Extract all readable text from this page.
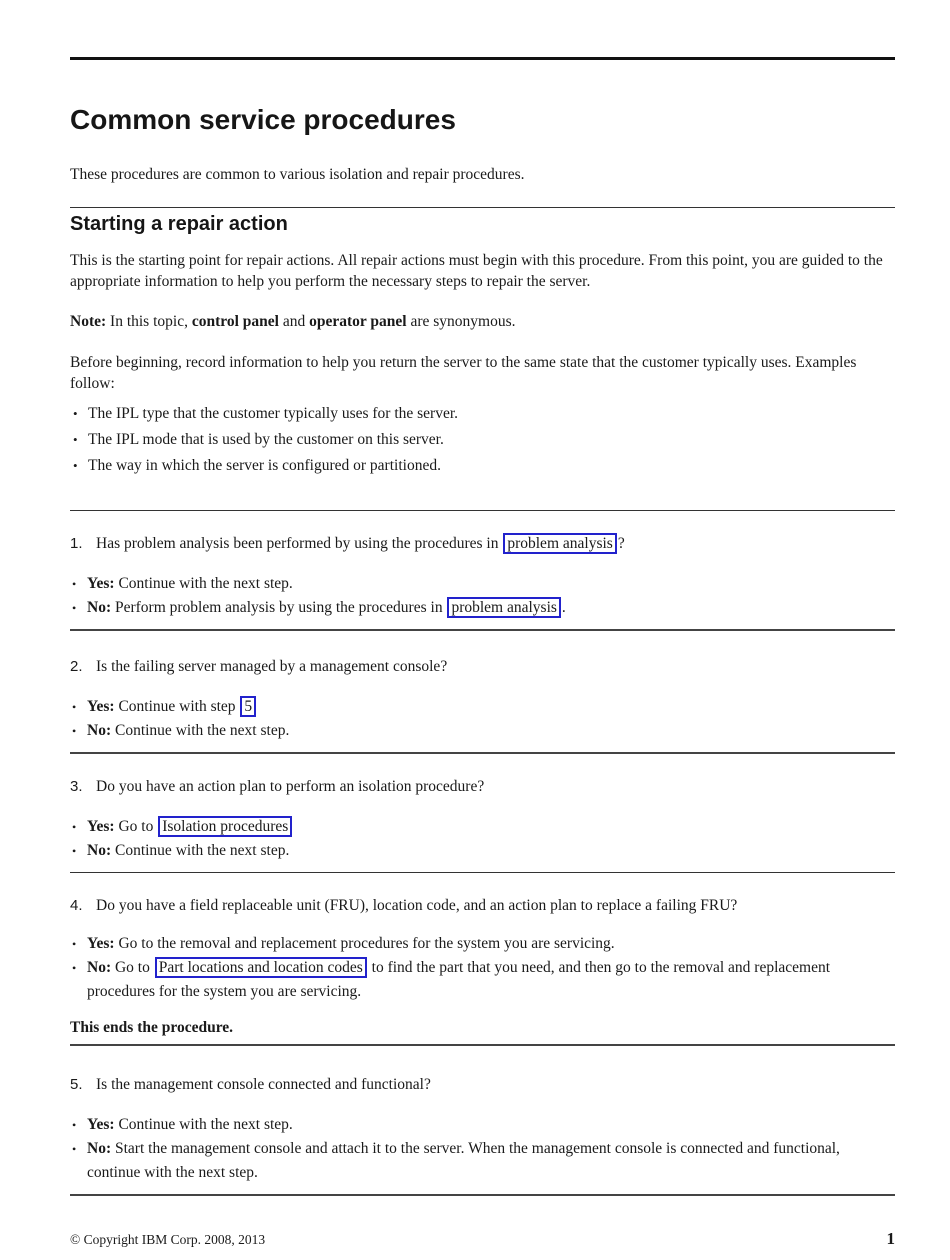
Common service procedures

These procedures are common to various isolation and repair procedures.

Starting a repair action

This is the starting point for repair actions. All repair actions must begin with this procedure. From this point, you are guided to the appropriate information to help you perform the necessary steps to repair the server.

Note: In this topic, control panel and operator panel are synonymous.

Before beginning, record information to help you return the server to the same state that the customer typically uses. Examples follow:

• The IPL type that the customer typically uses for the server.
• The IPL mode that is used by the customer on this server.
• The way in which the server is configured or partitioned.
1. Has problem analysis been performed by using the procedures in problem analysis ?
• Yes: Continue with the next step.
• No: Perform problem analysis by using the procedures in problem analysis .
2. Is the failing server managed by a management console?
• Yes: Continue with step 5
• No: Continue with the next step.
3. Do you have an action plan to perform an isolation procedure?
• Yes: Go to Isolation procedures
• No: Continue with the next step.
4. Do you have a field replaceable unit (FRU), location code, and an action plan to replace a failing FRU?
• Yes: Go to the removal and replacement procedures for the system you are servicing.
• No: Go to Part locations and location codes to find the part that you need, and then go to the removal and replacement procedures for the system you are servicing.

This ends the procedure.

5. Is the management console connected and functional?
• Yes: Continue with the next step.
• No: Start the management console and attach it to the server. When the management console is connected and functional, continue with the next step.
© Copyright IBM Corp. 2008, 2013	1
